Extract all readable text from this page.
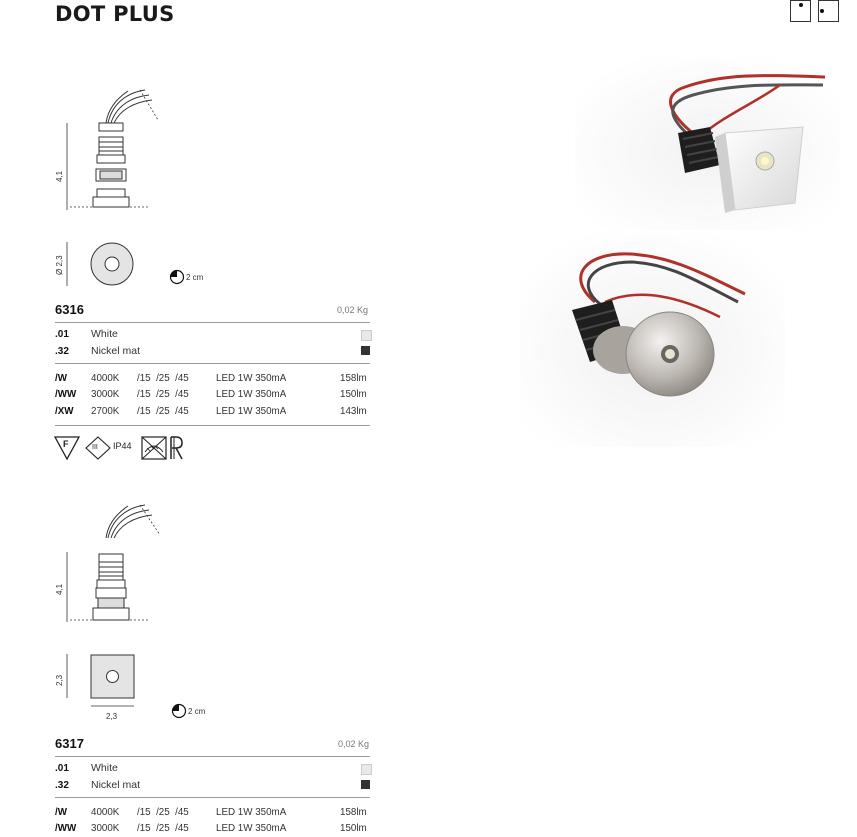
DOT PLUS
4,1
Ø 2,3
2 cm
6316	0,02 Kg
.01 White
.32 Nickel mat
/W 4000K /15  /25  /45	LED 1W 350mA	158lm
/WW 3000K /15  /25  /45	LED 1W 350mA	150lm
/XW 2700K /15  /25  /45	LED 1W 350mA	143lm
F	III IP44
4,1
2,3
2,3
2 cm
6317	0,02 Kg
.01 White
.32 Nickel mat
/W 4000K /15  /25  /45	LED 1W 350mA	158lm
/WW 3000K /15  /25  /45	LED 1W 350mA	150lm
